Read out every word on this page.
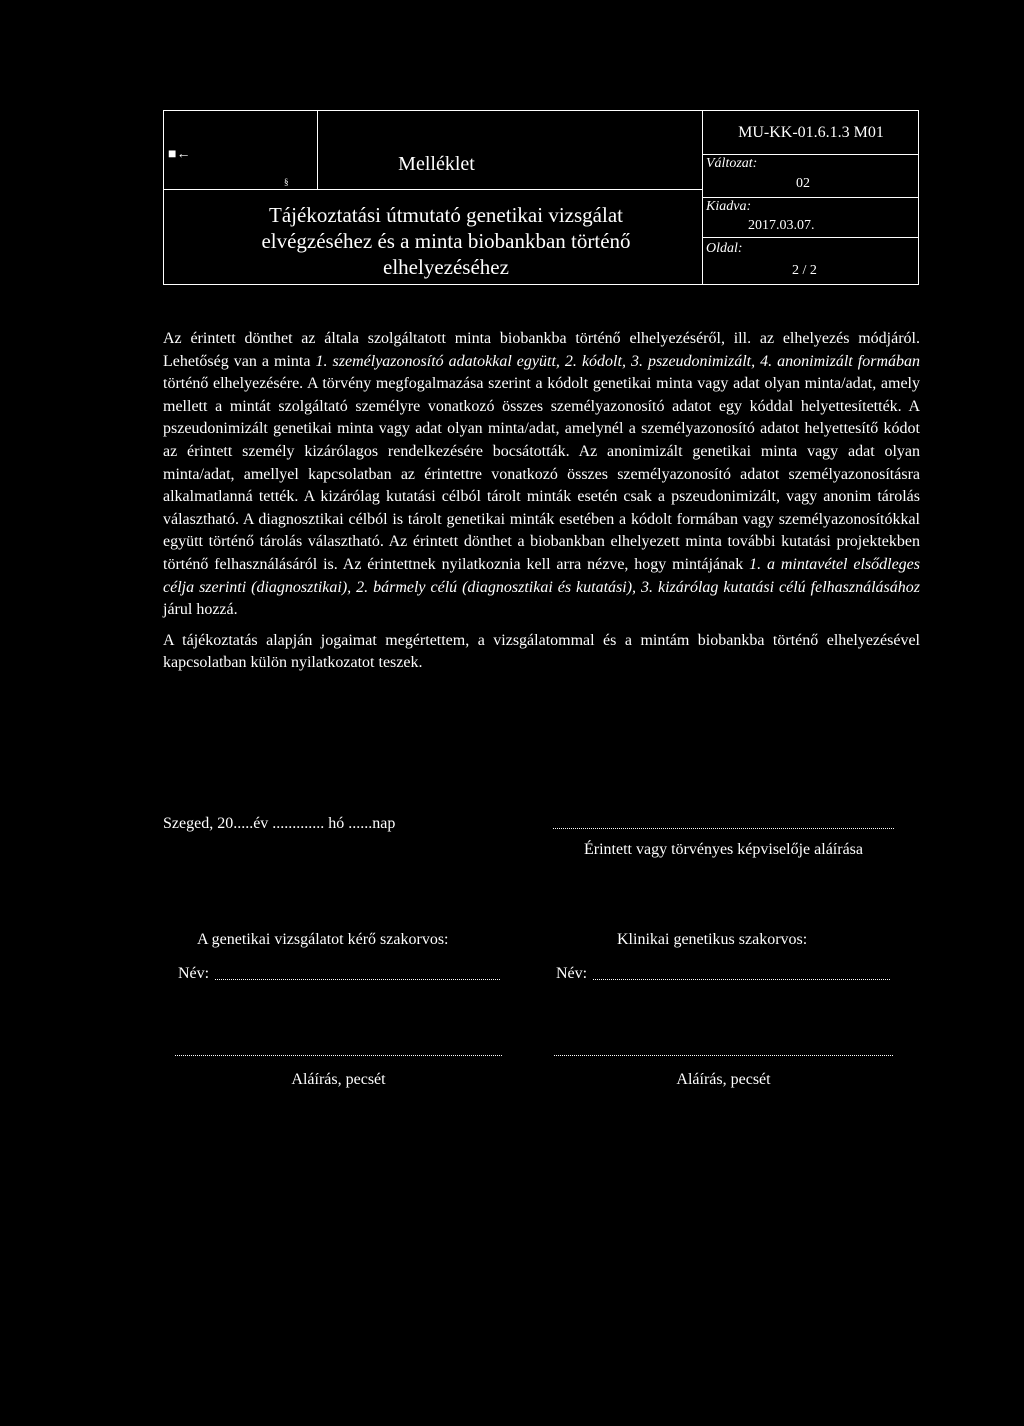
■←
§
Melléklet
Tájékoztatási útmutató genetikai vizsgálat
elvégzéséhez és a minta biobankban történő
elhelyezéséhez
MU-KK-01.6.1.3 M01
Változat:
02
Kiadva:
2017.03.07.
Oldal:
2 / 2

Az érintett dönthet az általa szolgáltatott minta biobankba történő elhelyezéséről, ill. az elhelyezés módjáról. Lehetőség van a minta 1. személyazonosító adatokkal együtt, 2. kódolt, 3. pszeudonimizált, 4. anonimizált formában történő elhelyezésére. A törvény megfogalmazása szerint a kódolt genetikai minta vagy adat olyan minta/adat, amely mellett a mintát szolgáltató személyre vonatkozó összes személyazonosító adatot egy kóddal helyettesítették. A pszeudonimizált genetikai minta vagy adat olyan minta/adat, amelynél a személyazonosító adatot helyettesítő kódot az érintett személy kizárólagos rendelkezésére bocsátották. Az anonimizált genetikai minta vagy adat olyan minta/adat, amellyel kapcsolatban az érintettre vonatkozó összes személyazonosító adatot személyazonosításra alkalmatlanná tették. A kizárólag kutatási célból tárolt minták esetén csak a pszeudonimizált, vagy anonim tárolás választható. A diagnosztikai célból is tárolt genetikai minták esetében a kódolt formában vagy személyazonosítókkal együtt történő tárolás választható. Az érintett dönthet a biobankban elhelyezett minta további kutatási projektekben történő felhasználásáról is. Az érintettnek nyilatkoznia kell arra nézve, hogy mintájának 1. a mintavétel elsődleges célja szerinti (diagnosztikai), 2. bármely célú (diagnosztikai és kutatási), 3. kizárólag kutatási célú felhasználásához járul hozzá.

A tájékoztatás alapján jogaimat megértettem, a vizsgálatommal és a mintám biobankba történő elhelyezésével kapcsolatban külön nyilatkozatot teszek.

Szeged, 20.....év ............. hó ......nap
Érintett vagy törvényes képviselője aláírása
A genetikai vizsgálatot kérő szakorvos:	Klinikai genetikus szakorvos:
Név:	Név:
Aláírás, pecsét	Aláírás, pecsét
